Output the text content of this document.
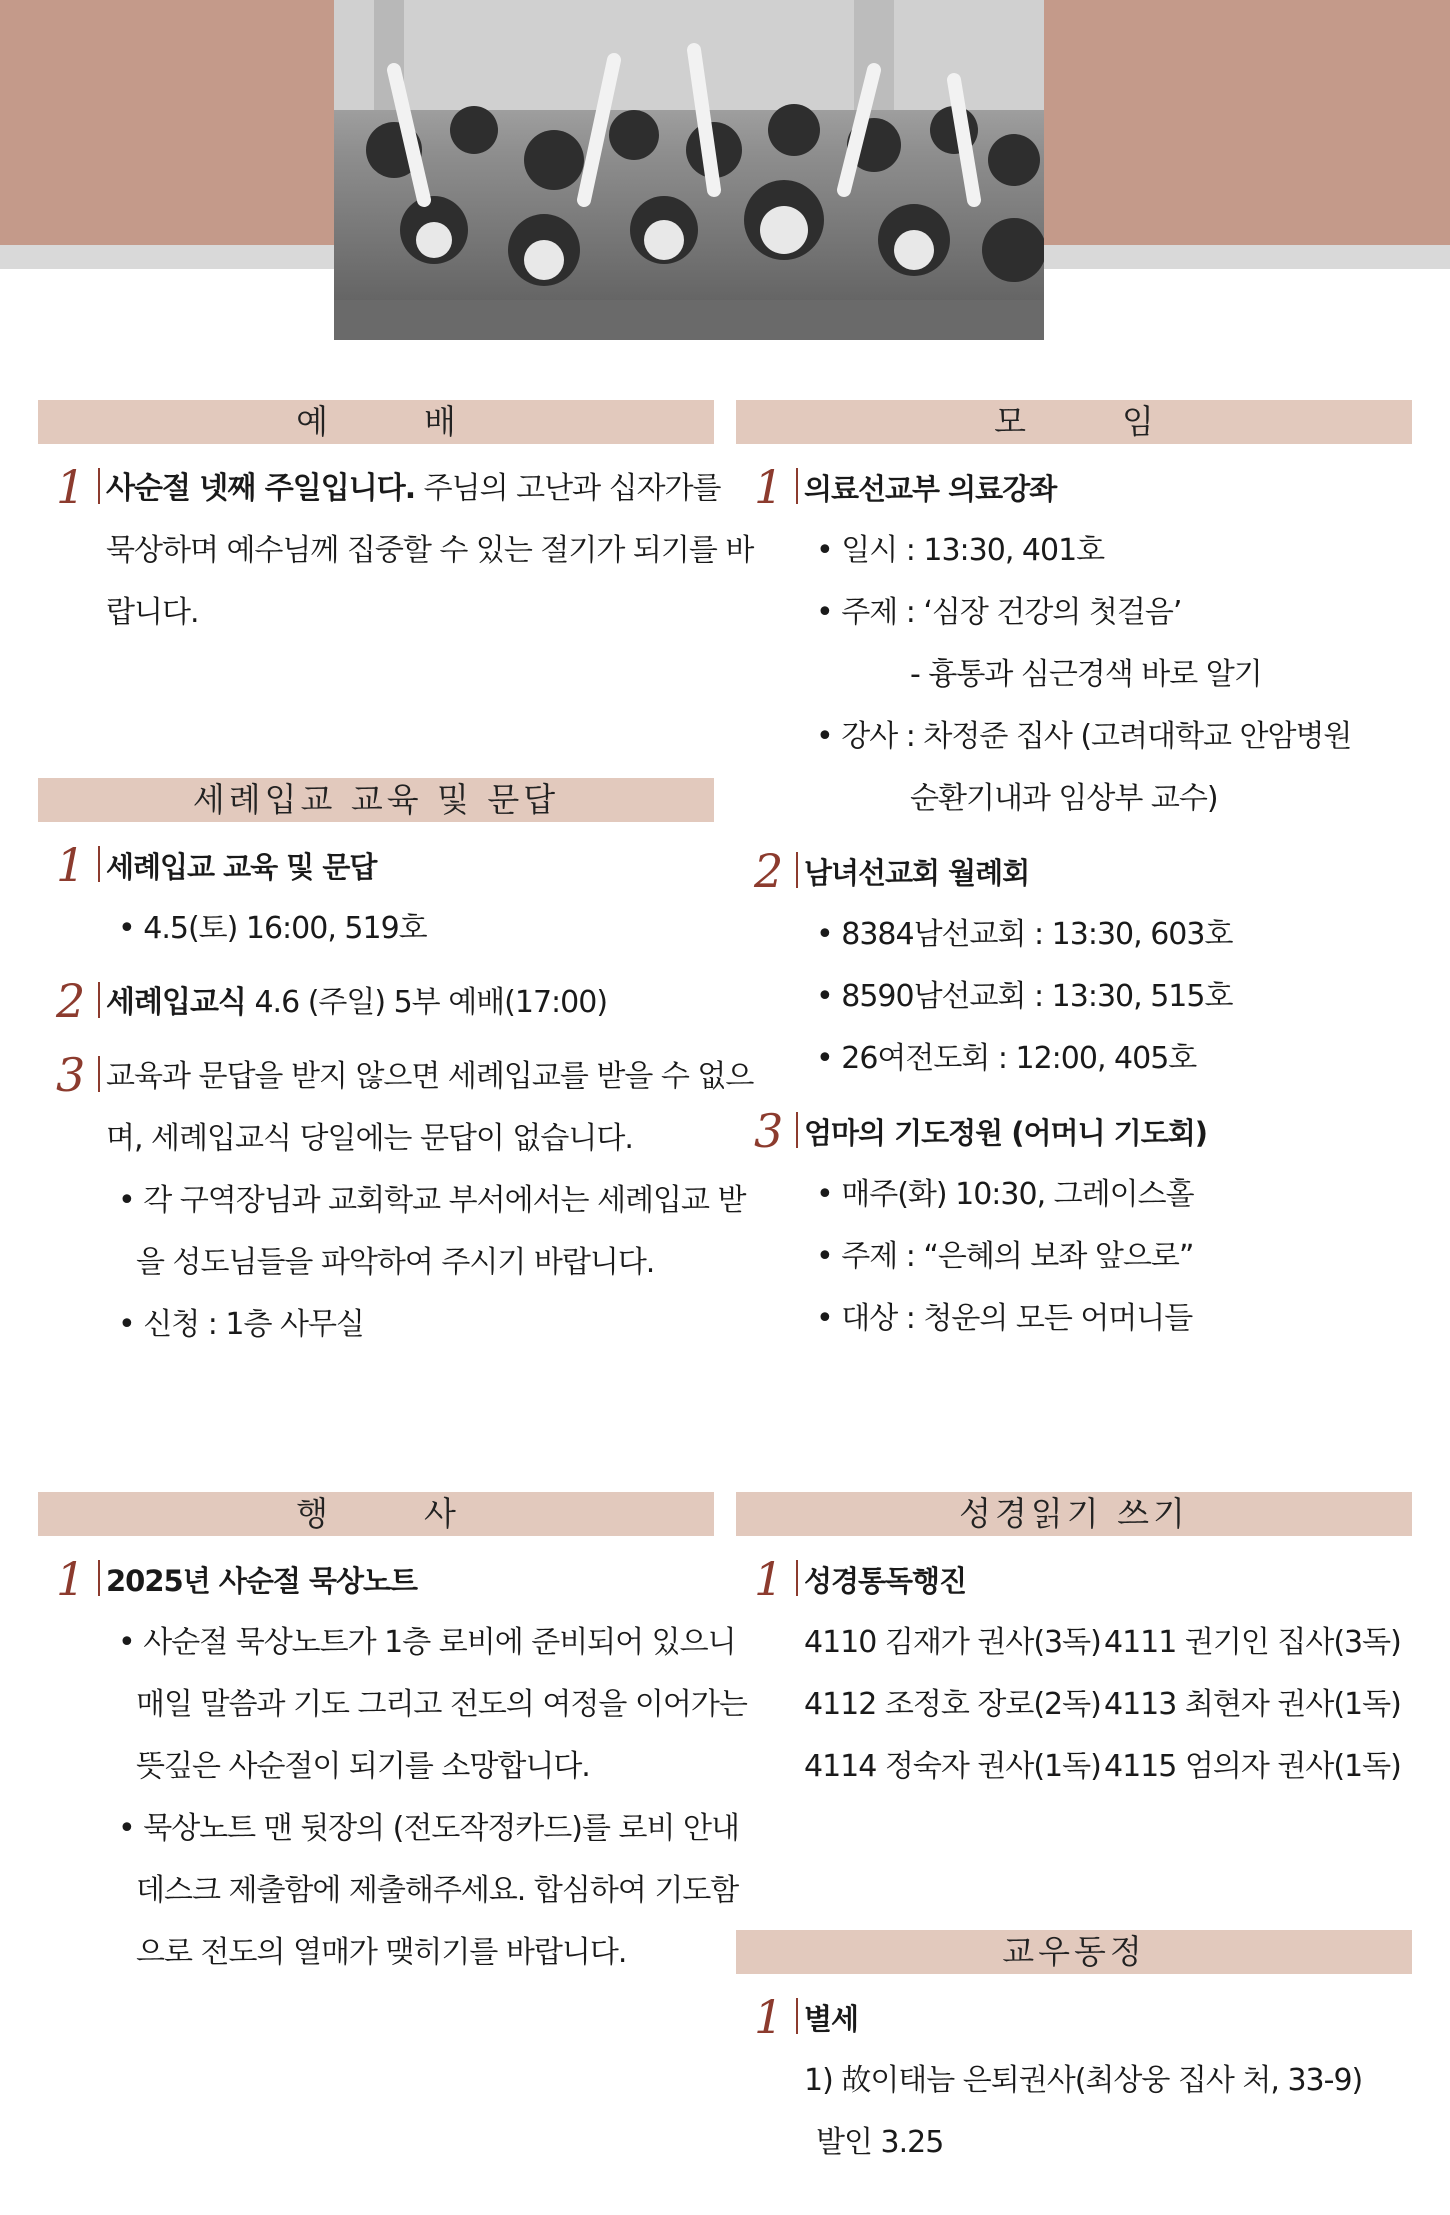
예배
1 사순절 넷째 주일입니다. 주님의 고난과 십자가를
묵상하며 예수님께 집중할 수 있는 절기가 되기를 바
랍니다.
세례입교 교육 및 문답
1 세례입교 교육 및 문답
• 4.5(토) 16:00, 519호
2 세례입교식 4.6 (주일) 5부 예배(17:00)
3 교육과 문답을 받지 않으면 세례입교를 받을 수 없으
며, 세례입교식 당일에는 문답이 없습니다.
• 각 구역장님과 교회학교 부서에서는 세례입교 받
을 성도님들을 파악하여 주시기 바랍니다.
• 신청 : 1층 사무실
행사
1 2025년 사순절 묵상노트
• 사순절 묵상노트가 1층 로비에 준비되어 있으니
매일 말씀과 기도 그리고 전도의 여정을 이어가는
뜻깊은 사순절이 되기를 소망합니다.
• 묵상노트 맨 뒷장의 (전도작정카드)를 로비 안내
데스크 제출함에 제출해주세요. 합심하여 기도함
으로 전도의 열매가 맺히기를 바랍니다.
모임
1 의료선교부 의료강좌
• 일시 : 13:30, 401호
• 주제 : ‘심장 건강의 첫걸음’
- 흉통과 심근경색 바로 알기
• 강사 : 차정준 집사 (고려대학교 안암병원
순환기내과 임상부 교수)
2 남녀선교회 월례회
• 8384남선교회 : 13:30, 603호
• 8590남선교회 : 13:30, 515호
• 26여전도회 : 12:00, 405호
3 엄마의 기도정원 (어머니 기도회)
• 매주(화) 10:30, 그레이스홀
• 주제 : “은혜의 보좌 앞으로”
• 대상 : 청운의 모든 어머니들
성경읽기 쓰기
1 성경통독행진
4110 김재가 권사(3독) 4111 권기인 집사(3독)
4112 조정호 장로(2독) 4113 최현자 권사(1독)
4114 정숙자 권사(1독) 4115 엄의자 권사(1독)
교우동정
1 별세
1) 故이태늠 은퇴권사(최상웅 집사 처, 33-9)
발인 3.25
